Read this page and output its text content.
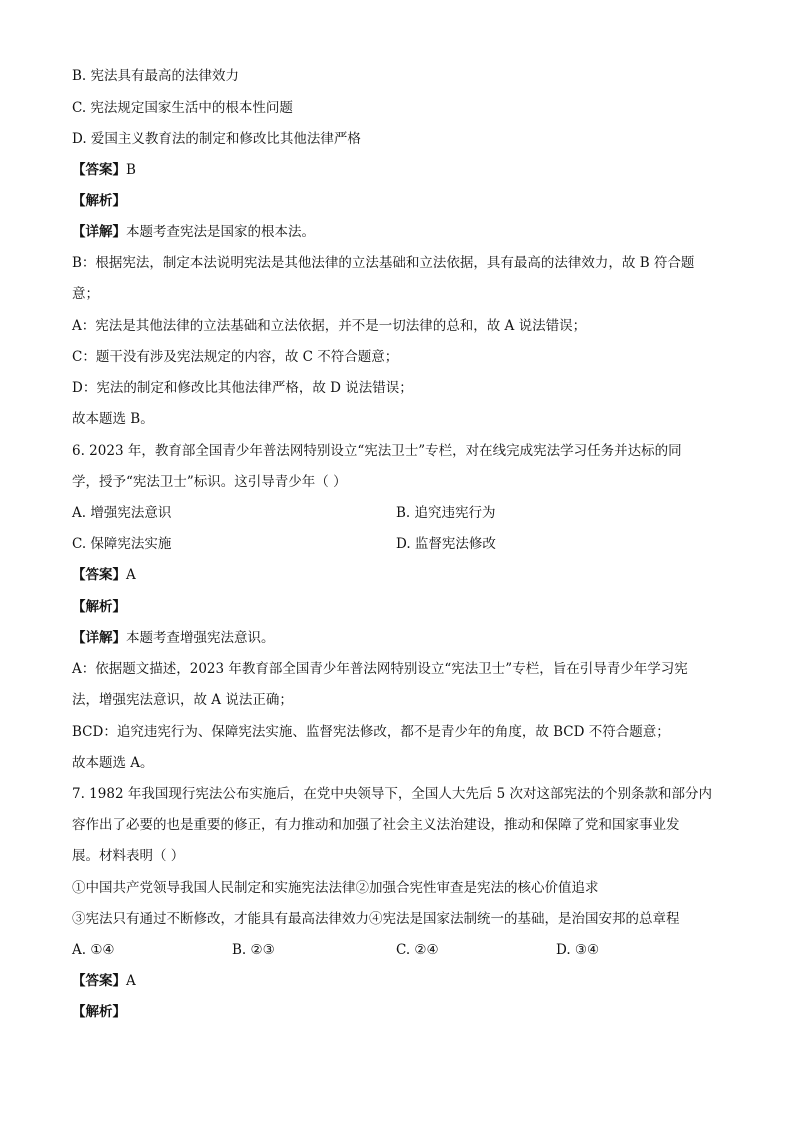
B. 宪法具有最高的法律效力
C. 宪法规定国家生活中的根本性问题
D. 爱国主义教育法的制定和修改比其他法律严格
【答案】B
【解析】
【详解】本题考查宪法是国家的根本法。
B：根据宪法，制定本法说明宪法是其他法律的立法基础和立法依据，具有最高的法律效力，故 B 符合题
意；
A：宪法是其他法律的立法基础和立法依据，并不是一切法律的总和，故 A 说法错误；
C：题干没有涉及宪法规定的内容，故 C 不符合题意；
D：宪法的制定和修改比其他法律严格，故 D 说法错误；
故本题选 B。
6. 2023 年，教育部全国青少年普法网特别设立“宪法卫士”专栏，对在线完成宪法学习任务并达标的同
学，授予“宪法卫士”标识。这引导青少年（ ）
A. 增强宪法意识	B. 追究违宪行为
C. 保障宪法实施	D. 监督宪法修改
【答案】A
【解析】
【详解】本题考查增强宪法意识。
A：依据题文描述，2023 年教育部全国青少年普法网特别设立“宪法卫士”专栏，旨在引导青少年学习宪
法，增强宪法意识，故 A 说法正确；
BCD：追究违宪行为、保障宪法实施、监督宪法修改，都不是青少年的角度，故 BCD 不符合题意；
故本题选 A。
7. 1982 年我国现行宪法公布实施后，在党中央领导下，全国人大先后 5 次对这部宪法的个别条款和部分内
容作出了必要的也是重要的修正，有力推动和加强了社会主义法治建设，推动和保障了党和国家事业发
展。材料表明（ ）
①中国共产党领导我国人民制定和实施宪法法律②加强合宪性审查是宪法的核心价值追求
③宪法只有通过不断修改，才能具有最高法律效力④宪法是国家法制统一的基础，是治国安邦的总章程
A. ①④	B. ②③	C. ②④	D. ③④
【答案】A
【解析】
